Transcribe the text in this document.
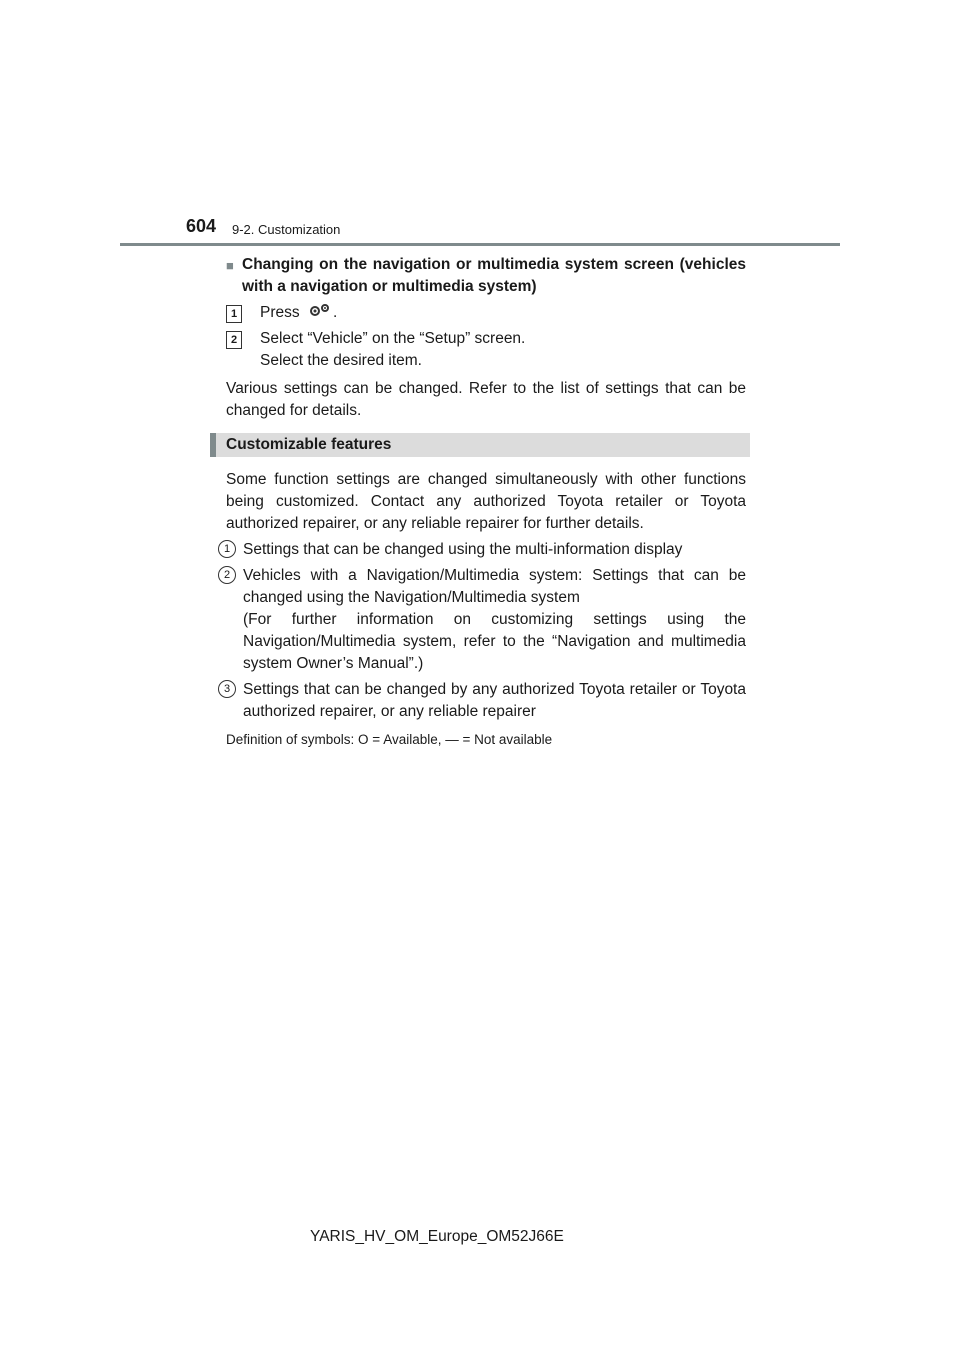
604 9-2. Customization
■ Changing on the navigation or multimedia system screen (vehicles with a navigation or multimedia system)
1	Press .
2	Select “Vehicle” on the “Setup” screen.
Select the desired item.
Various settings can be changed. Refer to the list of settings that can be changed for details.
Customizable features
Some function settings are changed simultaneously with other functions being customized. Contact any authorized Toyota retailer or Toyota authorized repairer, or any reliable repairer for further details.
1 Settings that can be changed using the multi-information display
2 Vehicles with a Navigation/Multimedia system: Settings that can be changed using the Navigation/Multimedia system
(For further information on customizing settings using the Navigation/Multimedia system, refer to the “Navigation and multimedia system Owner’s Manual”.)
3 Settings that can be changed by any authorized Toyota retailer or Toyota authorized repairer, or any reliable repairer
Definition of symbols: O = Available, — = Not available
YARIS_HV_OM_Europe_OM52J66E
